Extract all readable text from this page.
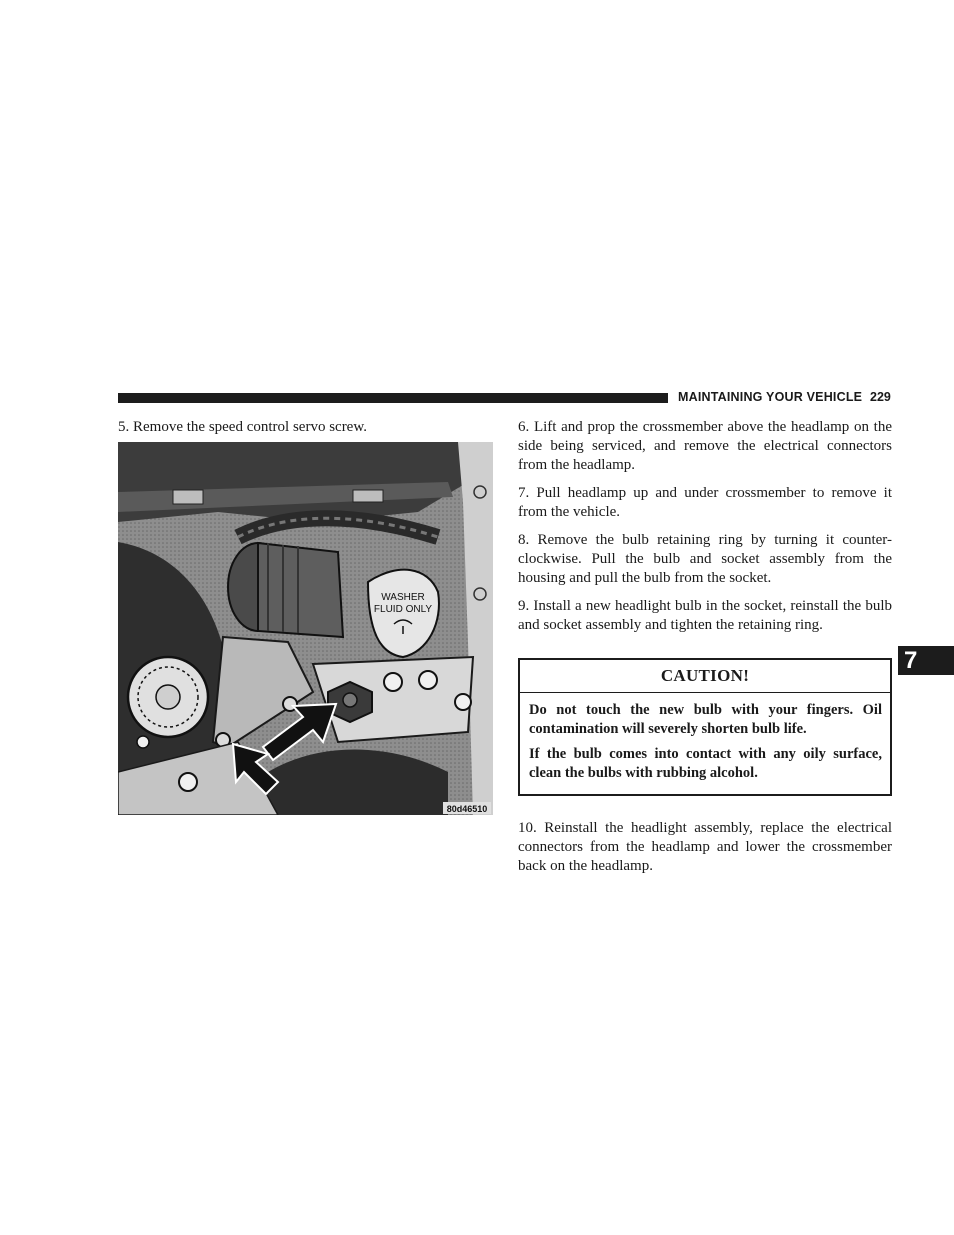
MAINTAINING YOUR VEHICLE 229

5. Remove the speed control servo screw.

WASHER
FLUID ONLY
80d46510

6. Lift and prop the crossmember above the headlamp on the side being serviced, and remove the electrical connectors from the headlamp.

7. Pull headlamp up and under crossmember to remove it from the vehicle.

8. Remove the bulb retaining ring by turning it counter-clockwise. Pull the bulb and socket assembly from the housing and pull the bulb from the socket.

9. Install a new headlight bulb in the socket, reinstall the bulb and socket assembly and tighten the retaining ring.

CAUTION!

Do not touch the new bulb with your fingers. Oil contamination will severely shorten bulb life.

If the bulb comes into contact with any oily surface, clean the bulbs with rubbing alcohol.

10. Reinstall the headlight assembly, replace the electrical connectors from the headlamp and lower the crossmember back on the headlamp.

7
